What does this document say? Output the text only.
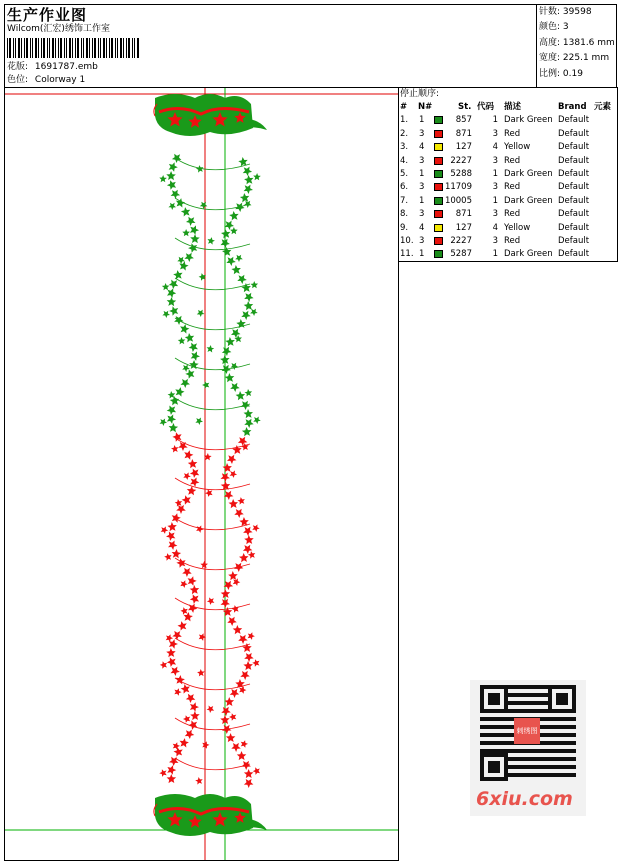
生产作业图
Wilcom(汇宏)绣饰工作室
花版: 1691787.emb
色位: Colorway 1
针数: 39598
颜色: 3
高度: 1381.6 mm
宽度: 225.1 mm
比例: 0.19
停止顺序:
# N#	St. 代码 描述	Brand 元素
1. 1	857	1 Dark Green Default
2. 3	871	3 Red	Default
3. 4	127	4 Yellow	Default
4. 3	2227	3 Red	Default
5. 1	5288	1 Dark Green Default
6. 3 11709	3 Red	Default
7. 1 10005	1 Dark Green Default
8. 3	871	3 Red	Default
9. 4	127	4 Yellow	Default
10. 3	2227	3 Red	Default
11. 1	5287	1 Dark Green Default
刺绣图
6xiu.com
